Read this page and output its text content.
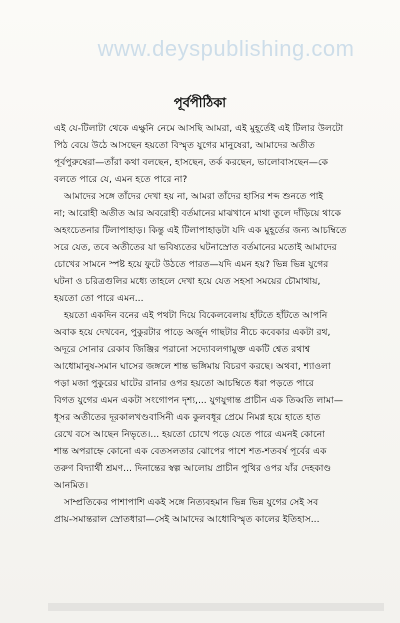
www.deyspublishing.com
পূর্বপীঠিকা
এই যে-টিলাটা থেকে এক্ষুনি নেমে আসছি আমরা, এই মুহূর্তেই এই টিলার উলটো
পিঠ বেয়ে উঠে আসছেন হয়তো বিস্মৃত যুগের মানুষেরা, আমাদের অতীত
পূর্বপুরুষেরা—তাঁরা কথা বলছেন, হাসছেন, তর্ক করছেন, ভালোবাসছেন—কে
বলতে পারে যে, এমন হতে পারে না?
আমাদের সঙ্গে তাঁদের দেখা হয় না, আমরা তাঁদের হাসির শব্দ শুনতে পাই
না; আরোহী অতীত আর অবরোহী বর্তমানের মাঝখানে মাথা তুলে দাঁড়িয়ে থাকে
অহংচেতনার টিলাপাহাড়। কিন্তু এই টিলাপাহাড়টা যদি এক মুহূর্তের জন্য আচম্বিতে
সরে যেত, তবে অতীতের যা ভবিষ্যতের ঘটনাস্রোত বর্তমানের মতোই আমাদের
চোখের সামনে স্পষ্ট হয়ে ফুটে উঠতে পারত—যদি এমন হয়? ভিন্ন ভিন্ন যুগের
ঘটনা ও চরিত্রগুলির মধ্যে তাহলে দেখা হয়ে যেত সহসা সময়ের চৌমাথায়,
হয়তো তো পারে এমন...
হয়তো একদিন বনের এই পথটা দিয়ে বিকেলবেলায় হাঁটতে হাঁটতে আপনি
অবাক হয়ে দেখবেন, পুকুরটার পাড়ে অর্জুন গাছটার নীচে কবেকার একটা রথ,
অদূরে সোনার রেকাব জিঞ্জির পরানো সদ্যোবলগামুক্ত একটি শ্বেত রথাশ্ব
আধোমানুষ-সমান ঘাসের জঙ্গলে শান্ত ভঙ্গিমায় বিচরণ করছে। অথবা, শ্যাওলা
পড়া মজা পুকুরের ঘাটের রানার ওপর হয়তো আচম্বিতে ধরা পড়তে পারে
বিগত যুগের এমন একটা সংগোপন দৃশ্য,... যুগযুগান্ত প্রাচীন এক তিব্বতি লামা—
ধূসর অতীতের দূরকালখণ্ডবাসিনী এক কুলবধূর প্রেমে নিমগ্ন হয়ে হাতে হাত
রেখে বসে আছেন নিভৃতে।... হয়তো চোখে পড়ে যেতে পারে এমনই কোনো
শান্ত অপরাহ্নে কোনো এক বেতসলতার ঝোপের পাশে শত-শতবর্ষ পূর্বের এক
তরুণ বিদ্যার্থী শ্রমণ... দিনান্তের স্বল্প আলোয় প্রাচীন পুথির ওপর যাঁর দেহকাণ্ড
আনমিত।
সাম্প্রতিকের পাশাপাশি একই সঙ্গে নিত্যবহমান ভিন্ন ভিন্ন যুগের সেই সব
প্রায়-সমান্তরাল স্রোতধারা—সেই আমাদের আধোবিস্মৃত কালের ইতিহাস...
